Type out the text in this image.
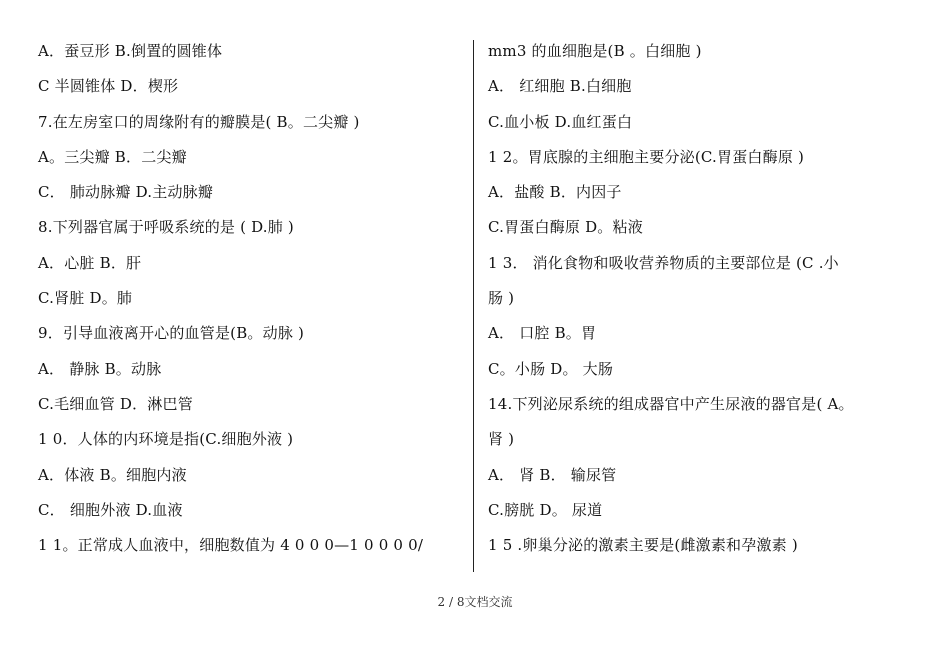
A．蚕豆形 B.倒置的圆锥体
C 半圆锥体 D．楔形
7.在左房室口的周缘附有的瓣膜是( B。二尖瓣 )
A。三尖瓣 B．二尖瓣
C． 肺动脉瓣 D.主动脉瓣
8.下列器官属于呼吸系统的是 ( D.肺 )
A．心脏 B．肝
C.肾脏 D。肺
9．引导血液离开心的血管是(B。动脉 )
A． 静脉 B。动脉
C.毛细血管 D．淋巴管
1 0．人体的内环境是指(C.细胞外液 )
A．体液 B。细胞内液
C． 细胞外液 D.血液
1 1。正常成人血液中，细胞数值为 4 0 0 0—1 0 0 0 0/
mm3 的血细胞是(B 。白细胞 )
A． 红细胞 B.白细胞
C.血小板 D.血红蛋白
1 2。胃底腺的主细胞主要分泌(C.胃蛋白酶原 )
A．盐酸 B．内因子
C.胃蛋白酶原 D。粘液
1 3． 消化食物和吸收营养物质的主要部位是 (C .小
肠 )
A． 口腔 B。胃
C。小肠 D。 大肠
14.下列泌尿系统的组成器官中产生尿液的器官是( A。
肾 )
A． 肾 B． 输尿管
C.膀胱 D。 尿道
1 5 .卵巢分泌的激素主要是(雌激素和孕激素 )
2 / 8文档交流
